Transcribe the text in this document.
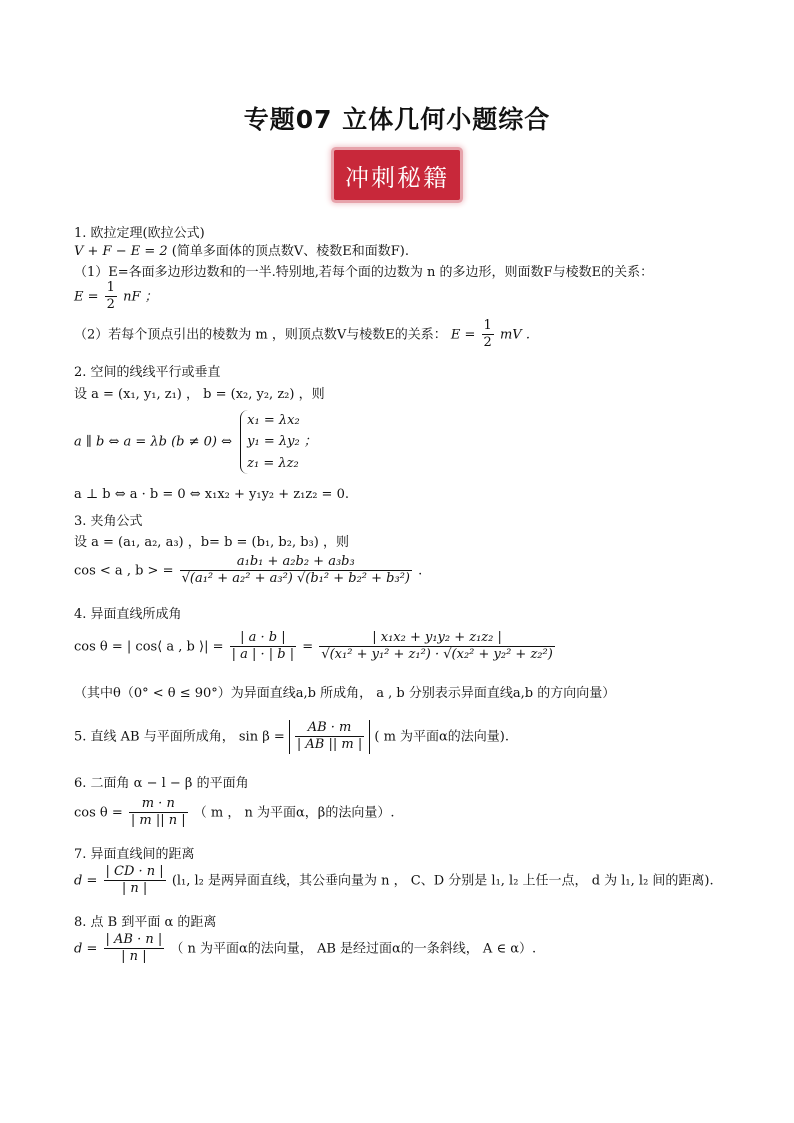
专题07 立体几何小题综合
冲刺秘籍
1. 欧拉定理(欧拉公式)
V + F − E = 2 (简单多面体的顶点数V、棱数E和面数F).
（1）E=各面多边形边数和的一半.特别地,若每个面的边数为 n 的多边形，则面数F与棱数E的关系：
$E = \frac{1}{2}$ nF ；
（2）若每个顶点引出的棱数为 m ，则顶点数V与棱数E的关系： $E = \frac{1}{2}$ mV .
2. 空间的线线平行或垂直
设 a = (x₁, y₁, z₁) ， b = (x₂, y₂, z₂) ，则
a ∥ b ⇔ a = λb (b ≠ 0) ⇔
x₁ = λx₂
y₁ = λy₂ ；
z₁ = λz₂
a ⊥ b ⇔ a · b = 0 ⇔ x₁x₂ + y₁y₂ + z₁z₂ = 0.
3. 夹角公式
设 a = (a₁, a₂, a₃) ，b= b = (b₁, b₂, b₃) ，则
cos < a , b > = $\frac{\text{a₁b₁ + a₂b₂ + a₃b₃}}{\text{√(a₁² + a₂² + a₃²) √(b₁² + b₂² + b₃²)}}$ .
4. 异面直线所成角
cos θ = | cos⟨ a , b ⟩| = $\frac{| a \cdot b |}{| a | \cdot | b |} = \frac{\text{| x₁x₂ + y₁y₂ + z₁z₂ |}}{\text{√(x₁² + y₁² + z₁²) · √(x₂² + y₂² + z₂²)}}$
（其中θ（0° < θ ≤ 90°）为异面直线a,b 所成角， a , b 分别表示异面直线a,b 的方向向量）
5. 直线 AB 与平面所成角， $\sin \beta = \frac{AB \cdot m}{| AB || m |}$ ( m 为平面α的法向量).
6. 二面角 α − l − β 的平面角
$\cos \theta = \frac{m \cdot n}{| m || n |}$ （ m ， n 为平面α，β的法向量）.
7. 异面直线间的距离
$d = \frac{| CD \cdot n |}{| n |} (l_1$, l₂ 是两异面直线，其公垂向量为 n ， C、D 分别是 l₁, l₂ 上任一点， d 为 l₁, l₂ 间的距离).
8. 点 B 到平面 α 的距离
$d = \frac{| AB \cdot n |}{| n |}$ （ n 为平面α的法向量， AB 是经过面α的一条斜线， A ∈ α）.
